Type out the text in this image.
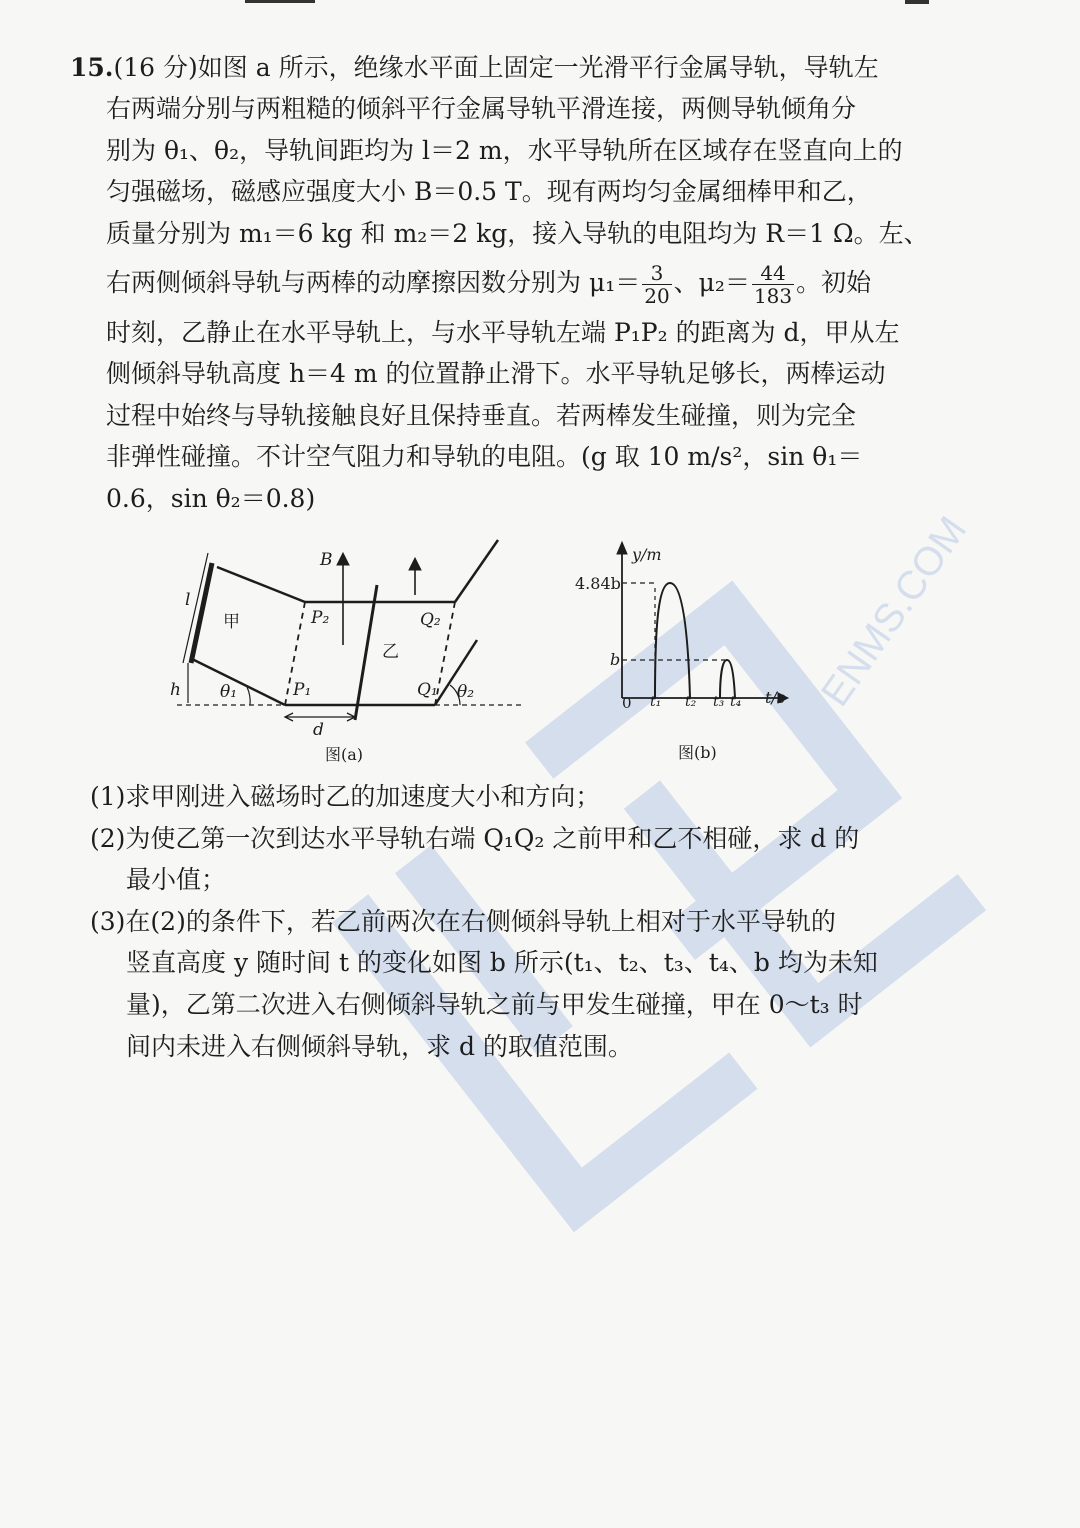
WENMS.COM
15.(16 分)如图 a 所示，绝缘水平面上固定一光滑平行金属导轨，导轨左
右两端分别与两粗糙的倾斜平行金属导轨平滑连接，两侧导轨倾角分
别为 θ₁、θ₂，导轨间距均为 l＝2 m，水平导轨所在区域存在竖直向上的
匀强磁场，磁感应强度大小 B＝0.5 T。现有两均匀金属细棒甲和乙，
质量分别为 m₁＝6 kg 和 m₂＝2 kg，接入导轨的电阻均为 R＝1 Ω。左、
右两侧倾斜导轨与两棒的动摩擦因数分别为 $\mu_1= \frac{3}{20}$ 、$\mu_2= \frac{44}{183}$ 。初始
时刻，乙静止在水平导轨上，与水平导轨左端 P₁P₂ 的距离为 d，甲从左
侧倾斜导轨高度 h＝4 m 的位置静止滑下。水平导轨足够长，两棒运动
过程中始终与导轨接触良好且保持垂直。若两棒发生碰撞，则为完全
非弹性碰撞。不计空气阻力和导轨的电阻。(g 取 10 m/s²，sin θ₁＝
0.6，sin θ₂＝0.8)
B
l
甲
乙
P₂	Q₂
P₁	Q₁
h θ₁	θ₂
d
图(a)
y/m
t/s
0
4.84b
b
t₁ t₂ t₃ t₄
图(b)
(1)求甲刚进入磁场时乙的加速度大小和方向；
(2)为使乙第一次到达水平导轨右端 Q₁Q₂ 之前甲和乙不相碰，求 d 的
最小值；
(3)在(2)的条件下，若乙前两次在右侧倾斜导轨上相对于水平导轨的
竖直高度 y 随时间 t 的变化如图 b 所示(t₁、t₂、t₃、t₄、b 均为未知
量)，乙第二次进入右侧倾斜导轨之前与甲发生碰撞，甲在 0～t₃ 时
间内未进入右侧倾斜导轨，求 d 的取值范围。
